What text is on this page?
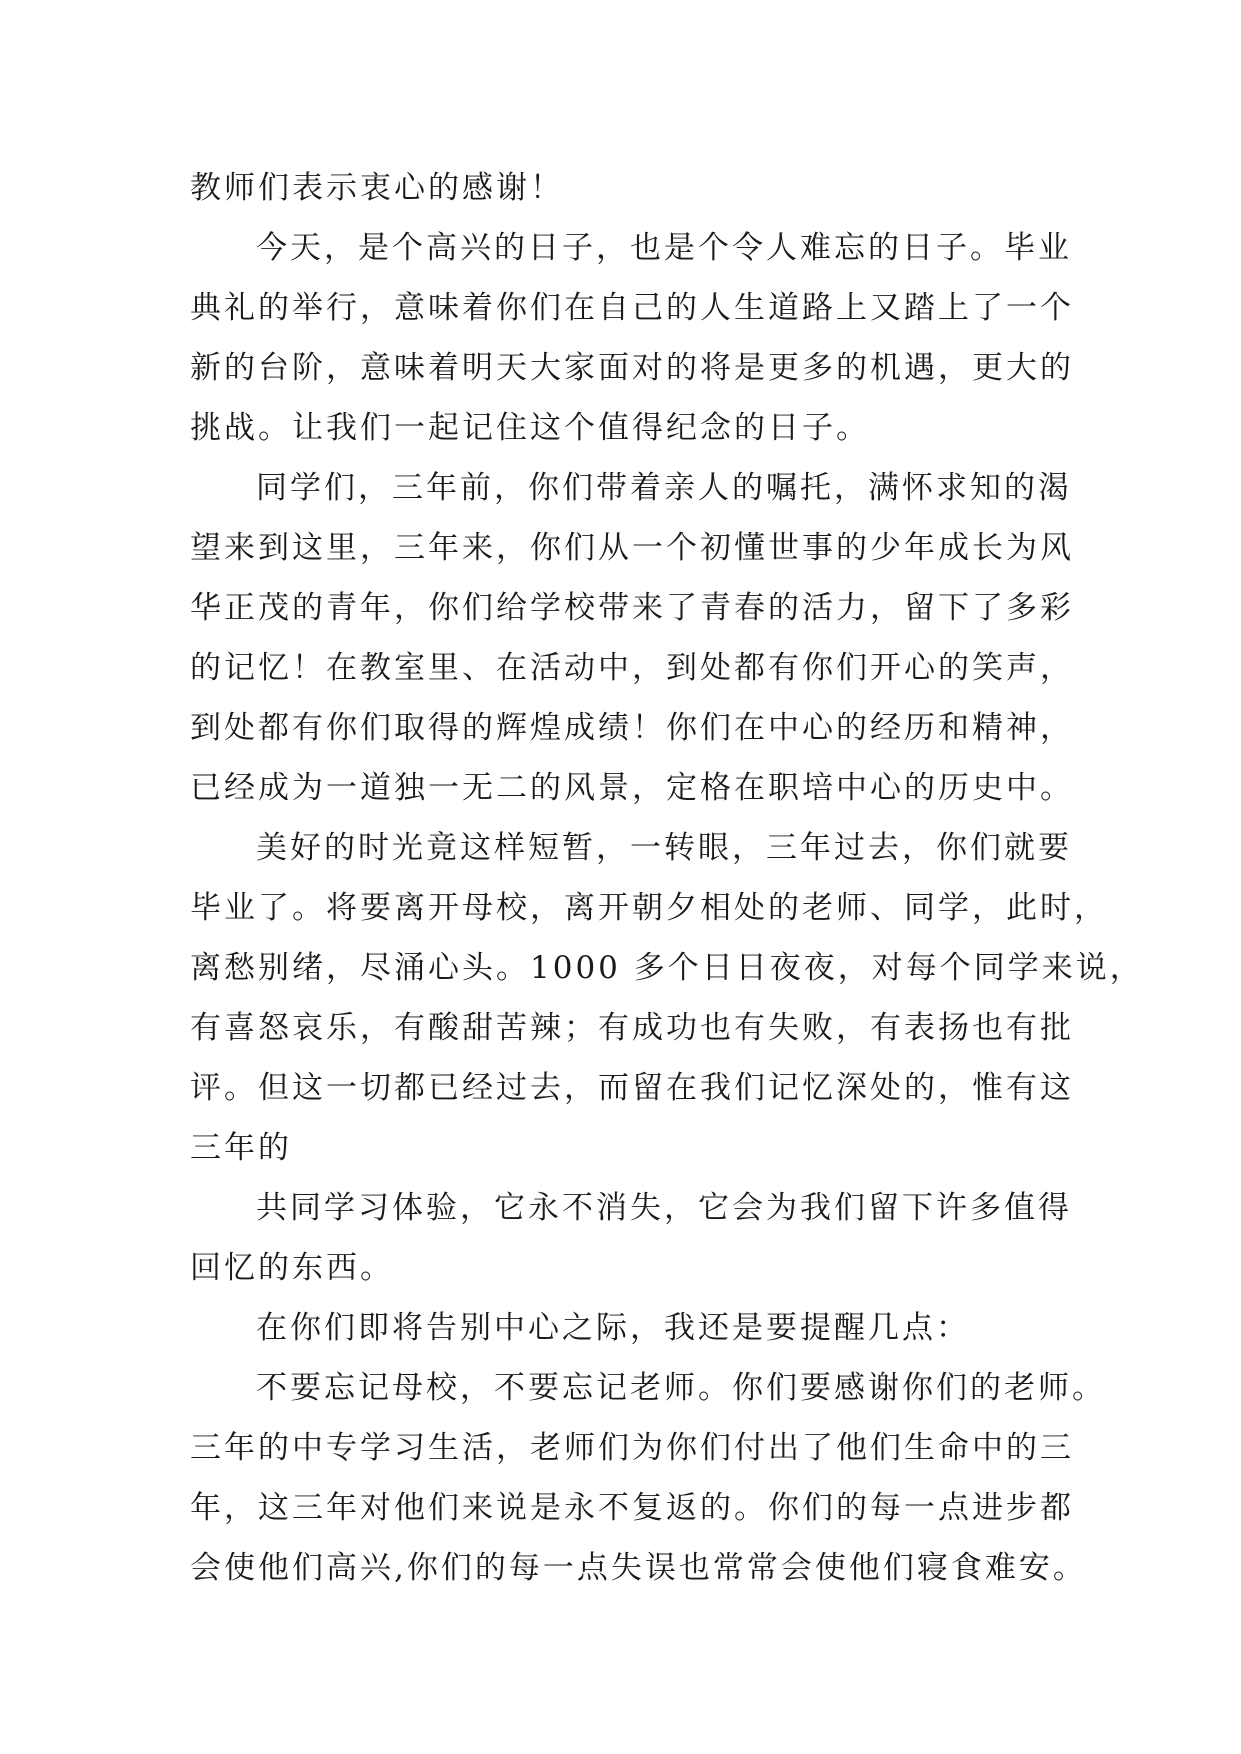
教师们表示衷心的感谢！
今天，是个高兴的日子，也是个令人难忘的日子。毕业
典礼的举行，意味着你们在自己的人生道路上又踏上了一个
新的台阶，意味着明天大家面对的将是更多的机遇，更大的
挑战。让我们一起记住这个值得纪念的日子。
同学们，三年前，你们带着亲人的嘱托，满怀求知的渴
望来到这里，三年来，你们从一个初懂世事的少年成长为风
华正茂的青年，你们给学校带来了青春的活力，留下了多彩
的记忆！在教室里、在活动中，到处都有你们开心的笑声，
到处都有你们取得的辉煌成绩！你们在中心的经历和精神，
已经成为一道独一无二的风景，定格在职培中心的历史中。
美好的时光竟这样短暂，一转眼，三年过去，你们就要
毕业了。将要离开母校，离开朝夕相处的老师、同学，此时，
离愁别绪，尽涌心头。1000 多个日日夜夜，对每个同学来说，
有喜怒哀乐，有酸甜苦辣；有成功也有失败，有表扬也有批
评。但这一切都已经过去，而留在我们记忆深处的，惟有这
三年的
共同学习体验，它永不消失，它会为我们留下许多值得
回忆的东西。
在你们即将告别中心之际，我还是要提醒几点：
不要忘记母校，不要忘记老师。你们要感谢你们的老师。
三年的中专学习生活，老师们为你们付出了他们生命中的三
年，这三年对他们来说是永不复返的。你们的每一点进步都
会使他们高兴,你们的每一点失误也常常会使他们寝食难安。
